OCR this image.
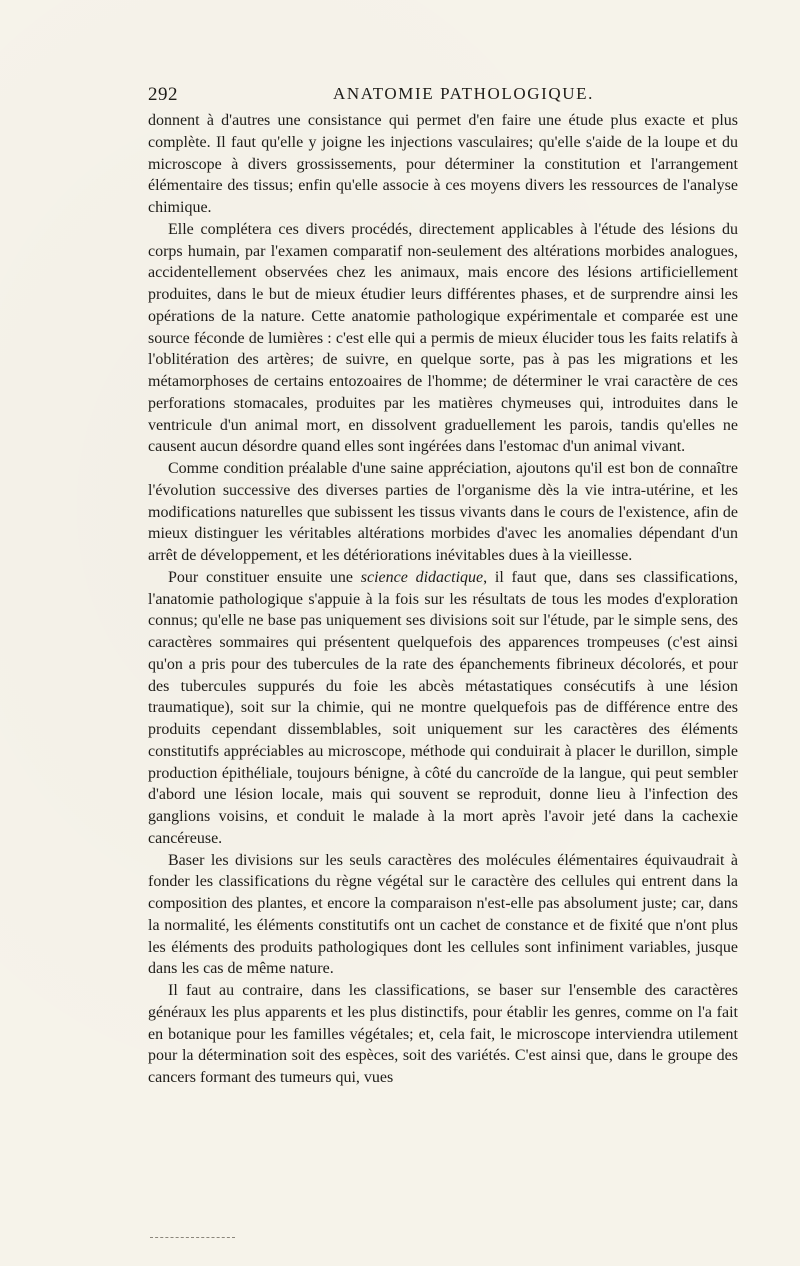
292	ANATOMIE PATHOLOGIQUE.

donnent à d'autres une consistance qui permet d'en faire une étude plus exacte et plus complète. Il faut qu'elle y joigne les injections vasculaires; qu'elle s'aide de la loupe et du microscope à divers grossissements, pour déterminer la constitution et l'arrangement élémentaire des tissus; enfin qu'elle associe à ces moyens divers les ressources de l'analyse chimique.

Elle complétera ces divers procédés, directement applicables à l'étude des lésions du corps humain, par l'examen comparatif non-seulement des altérations morbides analogues, accidentellement observées chez les animaux, mais encore des lésions artificiellement produites, dans le but de mieux étudier leurs différentes phases, et de surprendre ainsi les opérations de la nature. Cette anatomie pathologique expérimentale et comparée est une source féconde de lumières : c'est elle qui a permis de mieux élucider tous les faits relatifs à l'oblitération des artères; de suivre, en quelque sorte, pas à pas les migrations et les métamorphoses de certains entozoaires de l'homme; de déterminer le vrai caractère de ces perforations stomacales, produites par les matières chymeuses qui, introduites dans le ventricule d'un animal mort, en dissolvent graduellement les parois, tandis qu'elles ne causent aucun désordre quand elles sont ingérées dans l'estomac d'un animal vivant.

Comme condition préalable d'une saine appréciation, ajoutons qu'il est bon de connaître l'évolution successive des diverses parties de l'organisme dès la vie intra-utérine, et les modifications naturelles que subissent les tissus vivants dans le cours de l'existence, afin de mieux distinguer les véritables altérations morbides d'avec les anomalies dépendant d'un arrêt de développement, et les détériorations inévitables dues à la vieillesse.

Pour constituer ensuite une science didactique, il faut que, dans ses classifications, l'anatomie pathologique s'appuie à la fois sur les résultats de tous les modes d'exploration connus; qu'elle ne base pas uniquement ses divisions soit sur l'étude, par le simple sens, des caractères sommaires qui présentent quelquefois des apparences trompeuses (c'est ainsi qu'on a pris pour des tubercules de la rate des épanchements fibrineux décolorés, et pour des tubercules suppurés du foie les abcès métastatiques consécutifs à une lésion traumatique), soit sur la chimie, qui ne montre quelquefois pas de différence entre des produits cependant dissemblables, soit uniquement sur les caractères des éléments constitutifs appréciables au microscope, méthode qui conduirait à placer le durillon, simple production épithéliale, toujours bénigne, à côté du cancroïde de la langue, qui peut sembler d'abord une lésion locale, mais qui souvent se reproduit, donne lieu à l'infection des ganglions voisins, et conduit le malade à la mort après l'avoir jeté dans la cachexie cancéreuse.

Baser les divisions sur les seuls caractères des molécules élémentaires équivaudrait à fonder les classifications du règne végétal sur le caractère des cellules qui entrent dans la composition des plantes, et encore la comparaison n'est-elle pas absolument juste; car, dans la normalité, les éléments constitutifs ont un cachet de constance et de fixité que n'ont plus les éléments des produits pathologiques dont les cellules sont infiniment variables, jusque dans les cas de même nature.

Il faut au contraire, dans les classifications, se baser sur l'ensemble des caractères généraux les plus apparents et les plus distinctifs, pour établir les genres, comme on l'a fait en botanique pour les familles végétales; et, cela fait, le microscope interviendra utilement pour la détermination soit des espèces, soit des variétés. C'est ainsi que, dans le groupe des cancers formant des tumeurs qui, vues
